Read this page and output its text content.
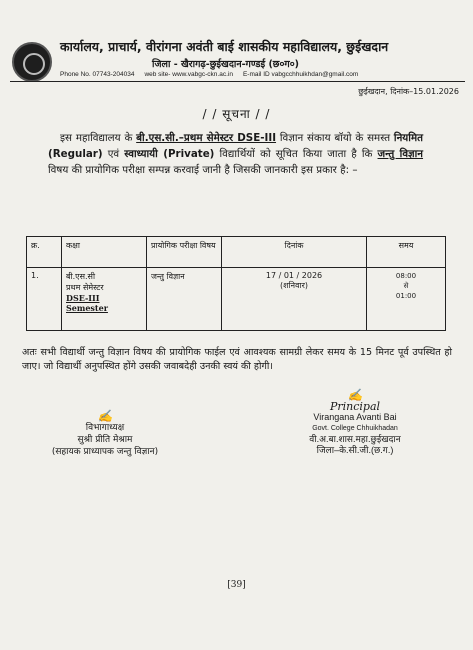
कार्यालय, प्राचार्य, वीरांगना अवंती बाई शासकीय महाविद्यालय, छुईखदान
जिला - खैरागढ़-छुईखदान-गण्डई (छ०ग०)
Phone No. 07743-204034 web site- www.vabgc-ckn.ac.in E-mail ID vabgcchhuikhdan@gmail.com
छुईखदान, दिनांक–15.01.2026
/ / सूचना / /
इस महाविद्यालय के बी.एस.सी.–प्रथम सेमेस्टर DSE-III विज्ञान संकाय बॉयो के समस्त नियमित (Regular) एवं स्वाध्यायी (Private) विद्यार्थियों को सूचित किया जाता है कि जन्तु विज्ञान विषय की प्रायोगिक परीक्षा सम्पन्न करवाई जानी है जिसकी जानकारी इस प्रकार है: –
क्र.	कक्षा	प्रायोगिक परीक्षा विषय	दिनांक	समय
1.	बी.एस.सी
प्रथम सेमेस्टर
DSE-III
Semester	जन्तु विज्ञान	17 / 01 / 2026
(शनिवार)	08:00
से
01:00
अतः सभी विद्यार्थी जन्तु विज्ञान विषय की प्रायोगिक फाईल एवं आवश्यक सामग्री लेकर समय के 15 मिनट पूर्व उपस्थित हो जाए। जो विद्यार्थी अनुपस्थित होंगे उसकी जवाबदेही उनकी स्वयं की होगी।
✍
विभागाध्यक्ष
सुश्री प्रीति मेश्राम
(सहायक प्राध्यापक जन्तु विज्ञान)
✍
Principal
Virangana Avanti Bai
Govt. College Chhuikhadan
वी.अ.बा.शास.महा.छुईखदान
जिला–के.सी.जी.(छ.ग.)
[39]
